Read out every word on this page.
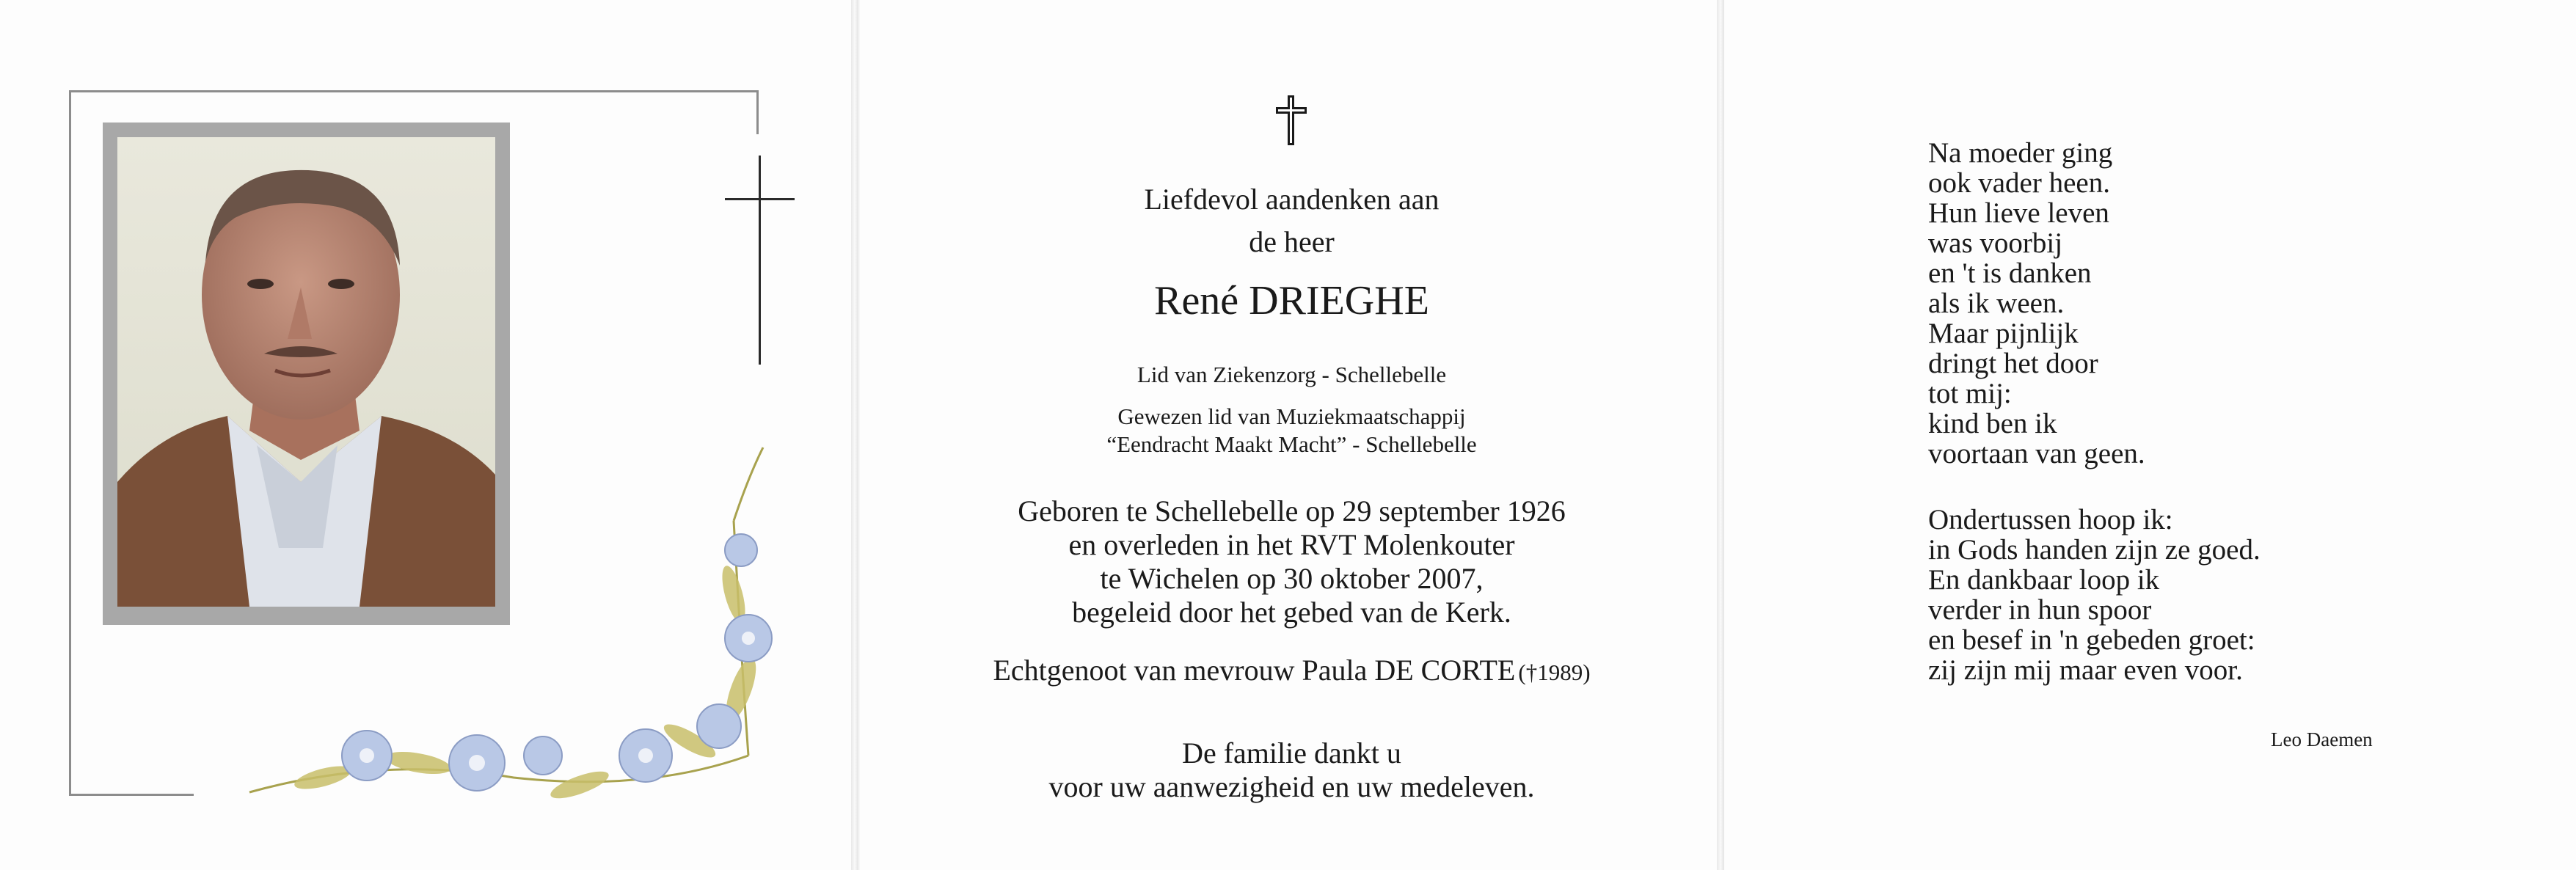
Liefdevol aandenken aan
de heer
René DRIEGHE
Lid van Ziekenzorg - Schellebelle
Gewezen lid van Muziekmaatschappij
“Eendracht Maakt Macht” - Schellebelle
Geboren te Schellebelle op 29 september 1926
en overleden in het RVT Molenkouter
te Wichelen op 30 oktober 2007,
begeleid door het gebed van de Kerk.
Echtgenoot van mevrouw Paula DE CORTE (†1989)
De familie dankt u
voor uw aanwezigheid en uw medeleven.
Na moeder ging
ook vader heen.
Hun lieve leven
was voorbij
en 't is danken
als ik ween.
Maar pijnlijk
dringt het door
tot mij:
kind ben ik
voortaan van geen.
Ondertussen hoop ik:
in Gods handen zijn ze goed.
En dankbaar loop ik
verder in hun spoor
en besef in 'n gebeden groet:
zij zijn mij maar even voor.
Leo Daemen
